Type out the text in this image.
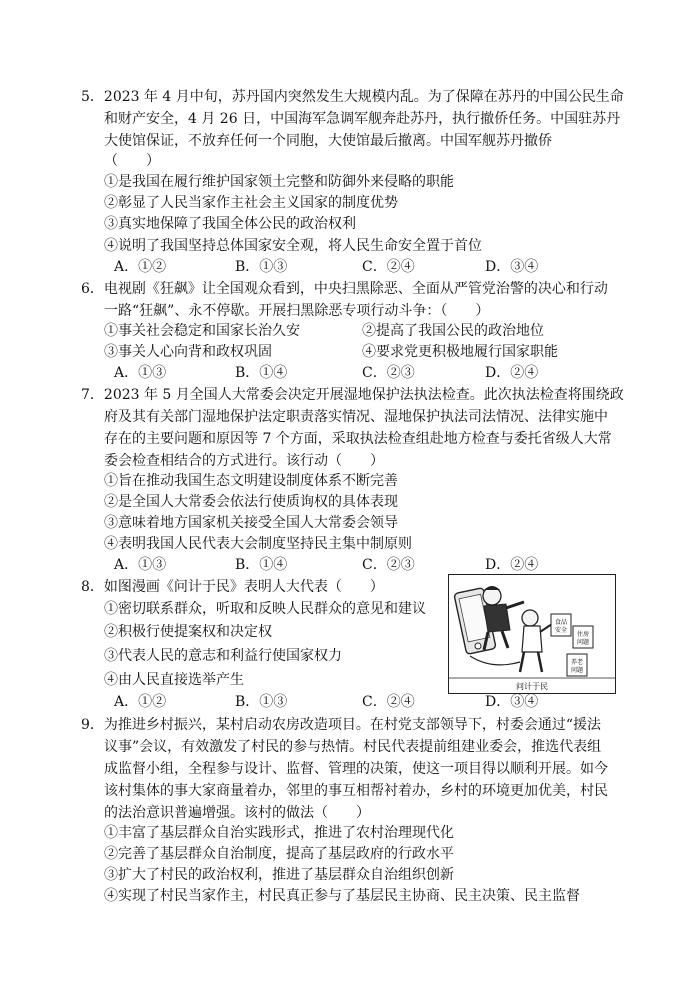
5．2023 年 4 月中旬，苏丹国内突然发生大规模内乱。为了保障在苏丹的中国公民生命
和财产安全，4 月 26 日，中国海军急调军舰奔赴苏丹，执行撤侨任务。中国驻苏丹
大使馆保证，不放弃任何一个同胞，大使馆最后撤离。中国军舰苏丹撤侨
（　　）
①是我国在履行维护国家领土完整和防御外来侵略的职能
②彰显了人民当家作主社会主义国家的制度优势
③真实地保障了我国全体公民的政治权利
④说明了我国坚持总体国家安全观，将人民生命安全置于首位
A．①②	B．①③	C．②④	D．③④
6．电视剧《狂飙》让全国观众看到，中央扫黑除恶、全面从严管党治警的决心和行动
一路“狂飙”、永不停歇。开展扫黑除恶专项行动斗争：（　　）
①事关社会稳定和国家长治久安	②提高了我国公民的政治地位
③事关人心向背和政权巩固	④要求党更积极地履行国家职能
A．①③	B．①④	C．②③	D．②④
7．2023 年 5 月全国人大常委会决定开展湿地保护法执法检查。此次执法检查将围绕政
府及其有关部门湿地保护法定职责落实情况、湿地保护执法司法情况、法律实施中
存在的主要问题和原因等 7 个方面，采取执法检查组赴地方检查与委托省级人大常
委会检查相结合的方式进行。该行动（　　）
①旨在推动我国生态文明建设制度体系不断完善
②是全国人大常委会依法行使质询权的具体表现
③意味着地方国家机关接受全国人大常委会领导
④表明我国人民代表大会制度坚持民主集中制原则
A．①③	B．①④	C．②③	D．②④
8．如图漫画《问计于民》表明人大代表（　　）
①密切联系群众，听取和反映人民群众的意见和建议
②积极行使提案权和决定权
③代表人民的意志和利益行使国家权力
④由人民直接选举产生
A．①②	B．①③	C．②④	D．③④
食品
安全
住房
问题
养老
问题
问计于民
9．为推进乡村振兴，某村启动农房改造项目。在村党支部领导下，村委会通过“援法
议事”会议，有效激发了村民的参与热情。村民代表提前组建业委会，推选代表组
成监督小组，全程参与设计、监督、管理的决策，使这一项目得以顺利开展。如今
该村集体的事大家商量着办，邻里的事互相帮衬着办，乡村的环境更加优美，村民
的法治意识普遍增强。该村的做法（　　）
①丰富了基层群众自治实践形式，推进了农村治理现代化
②完善了基层群众自治制度，提高了基层政府的行政水平
③扩大了村民的政治权利，推进了基层群众自治组织创新
④实现了村民当家作主，村民真正参与了基层民主协商、民主决策、民主监督
